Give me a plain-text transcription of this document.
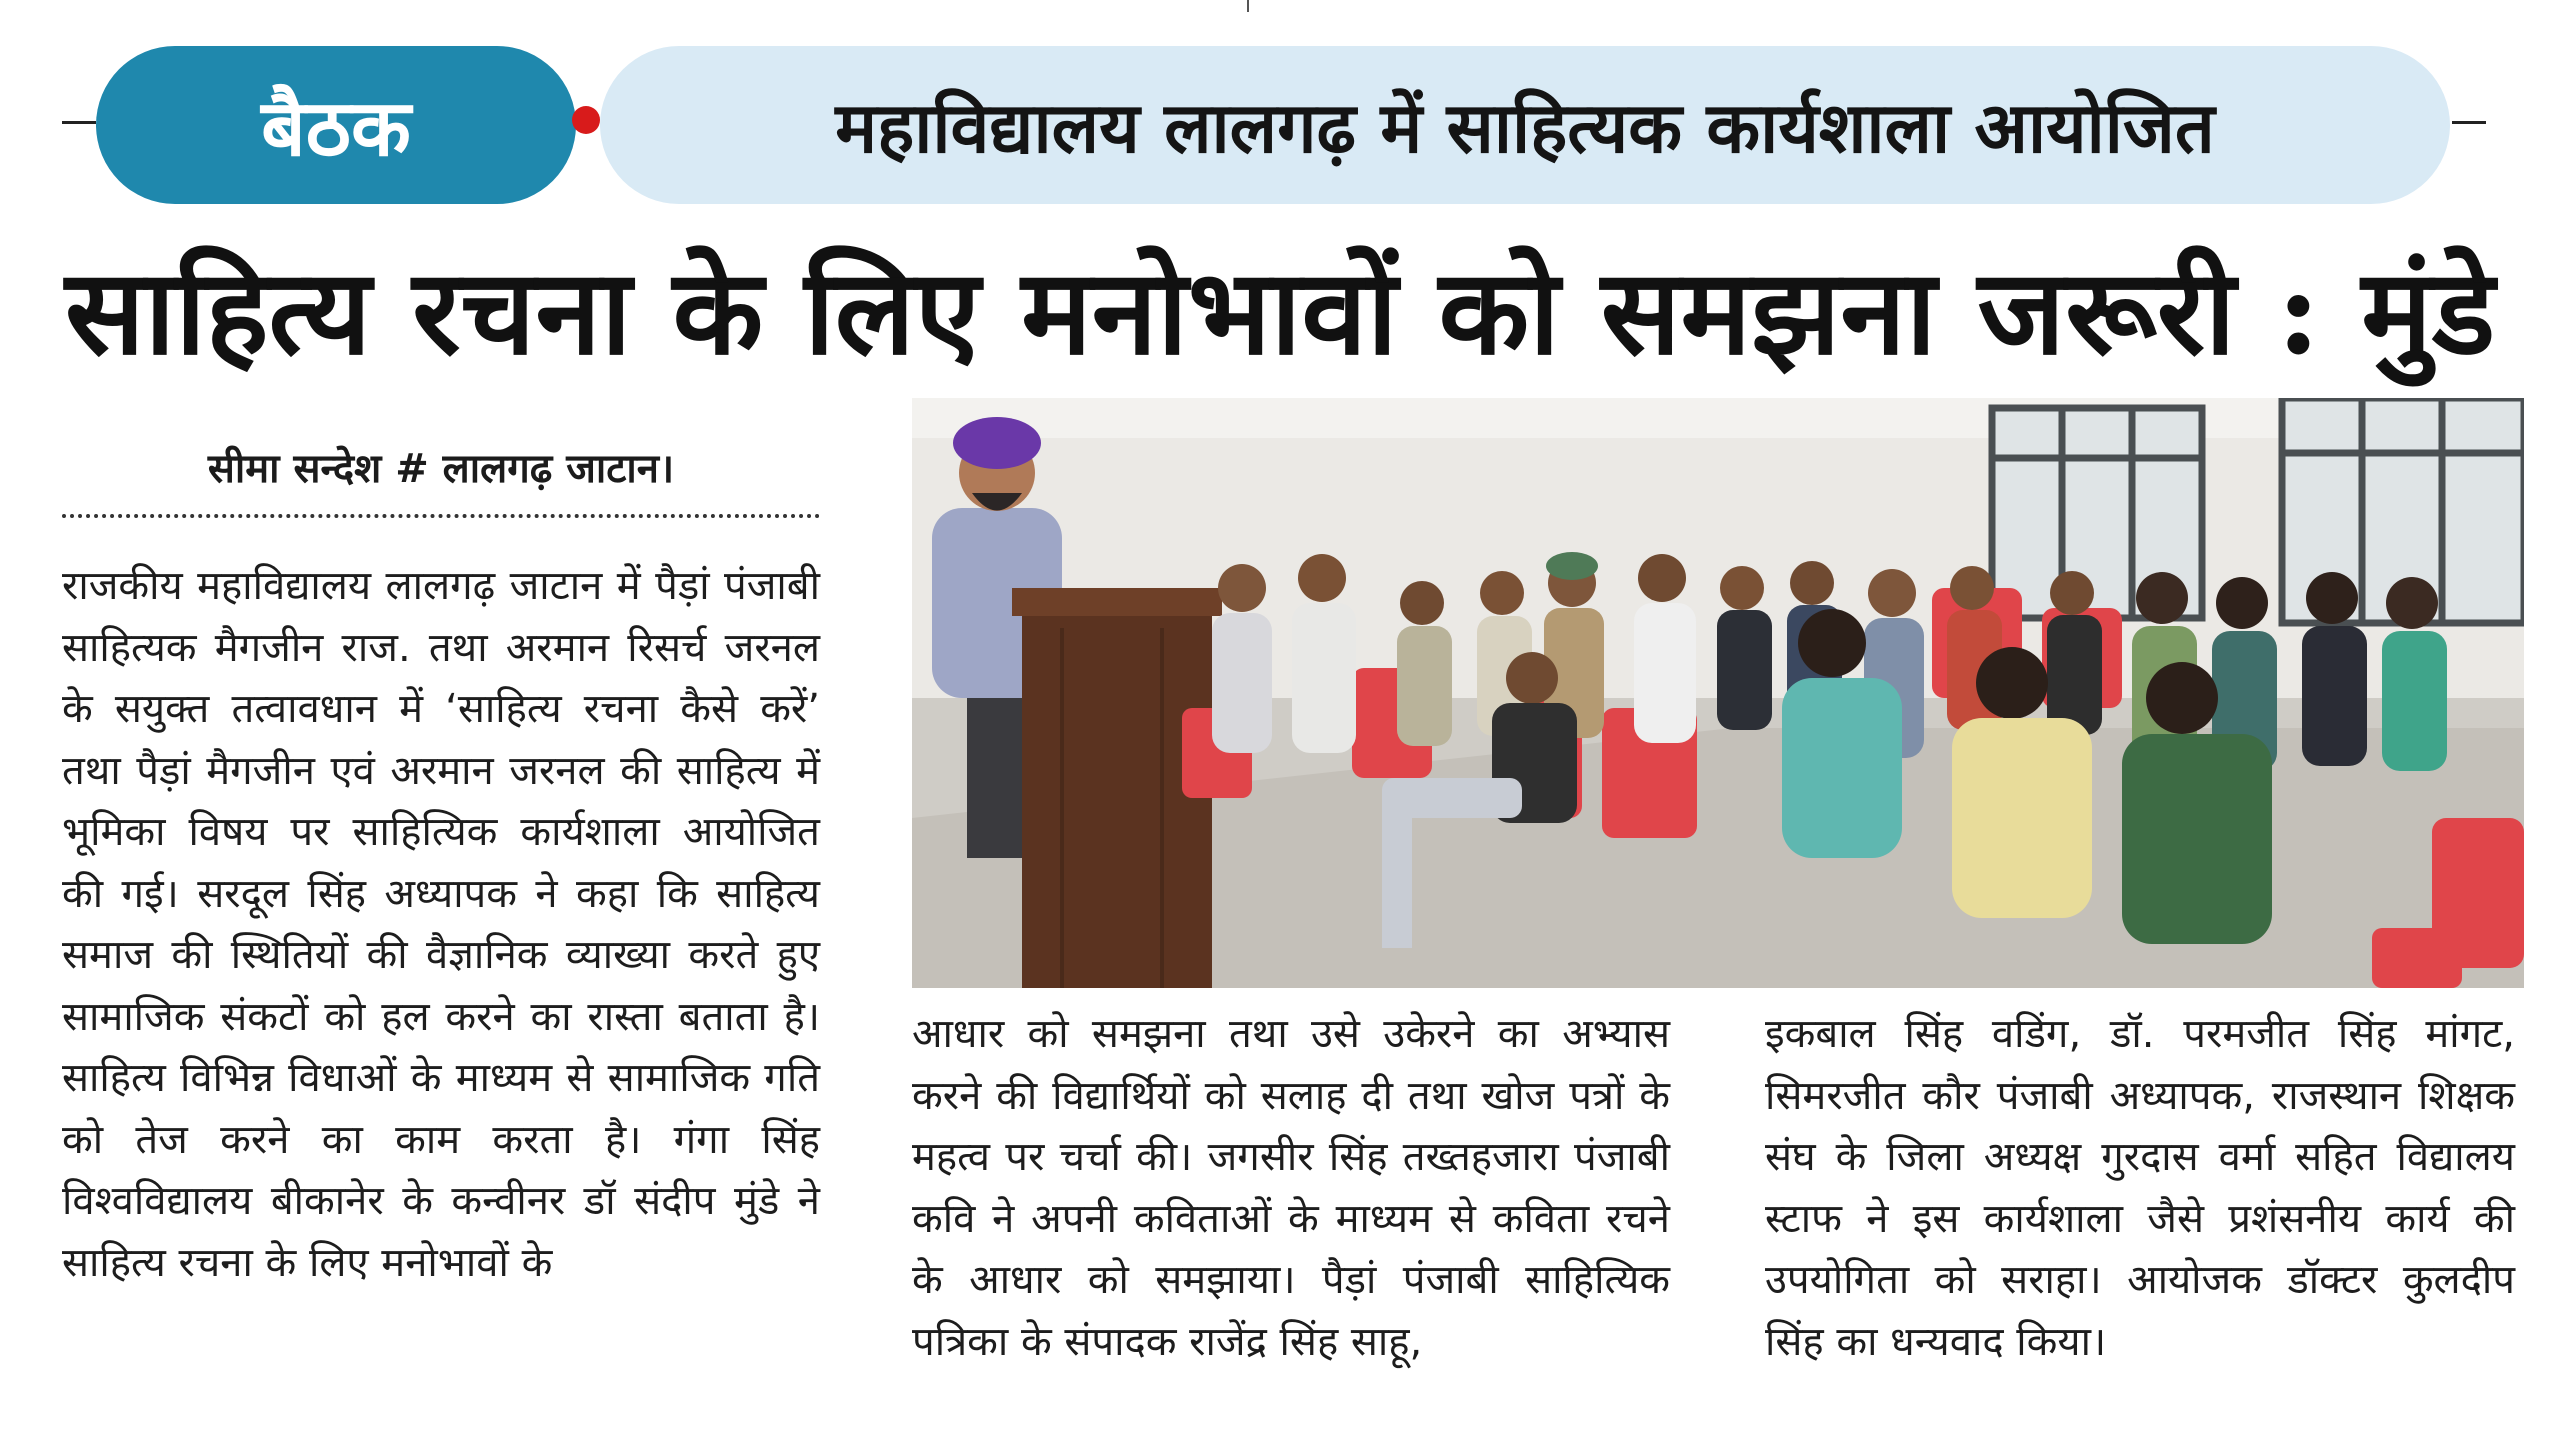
बैठक	महाविद्यालय लालगढ़ में साहित्यक कार्यशाला आयोजित
साहित्य रचना के लिए मनोभावों को समझना जरूरी : मुंडे
सीमा सन्देश # लालगढ़ जाटान।

राजकीय महाविद्यालय लालगढ़ जाटान में पैड़ां पंजाबी साहित्यक मैगजीन राज. तथा अरमान रिसर्च जरनल के सयुक्त तत्वावधान में ‘साहित्य रचना कैसे करें’ तथा पैड़ां मैगजीन एवं अरमान जरनल की साहित्य में भूमिका विषय पर साहित्यिक कार्यशाला आयोजित की गई। सरदूल सिंह अध्यापक ने कहा कि साहित्य समाज की स्थितियों की वैज्ञानिक व्याख्या करते हुए सामाजिक संकटों को हल करने का रास्ता बताता है। साहित्य विभिन्न विधाओं के माध्यम से सामाजिक गति को तेज करने का काम करता है। गंगा सिंह विश्वविद्यालय बीकानेर के कन्वीनर डॉ संदीप मुंडे ने साहित्य रचना के लिए मनोभावों के

आधार को समझना तथा उसे उकेरने का अभ्यास करने की विद्यार्थियों को सलाह दी तथा खोज पत्रों के महत्व पर चर्चा की। जगसीर सिंह तख्तहजारा पंजाबी कवि ने अपनी कविताओं के माध्यम से कविता रचने के आधार को समझाया। पैड़ां पंजाबी साहित्यिक पत्रिका के संपादक राजेंद्र सिंह साहू,

इकबाल सिंह वडिंग, डॉ. परमजीत सिंह मांगट, सिमरजीत कौर पंजाबी अध्यापक, राजस्थान शिक्षक संघ के जिला अध्यक्ष गुरदास वर्मा सहित विद्यालय स्टाफ ने इस कार्यशाला जैसे प्रशंसनीय कार्य की उपयोगिता को सराहा। आयोजक डॉक्टर कुलदीप सिंह का धन्यवाद किया।
